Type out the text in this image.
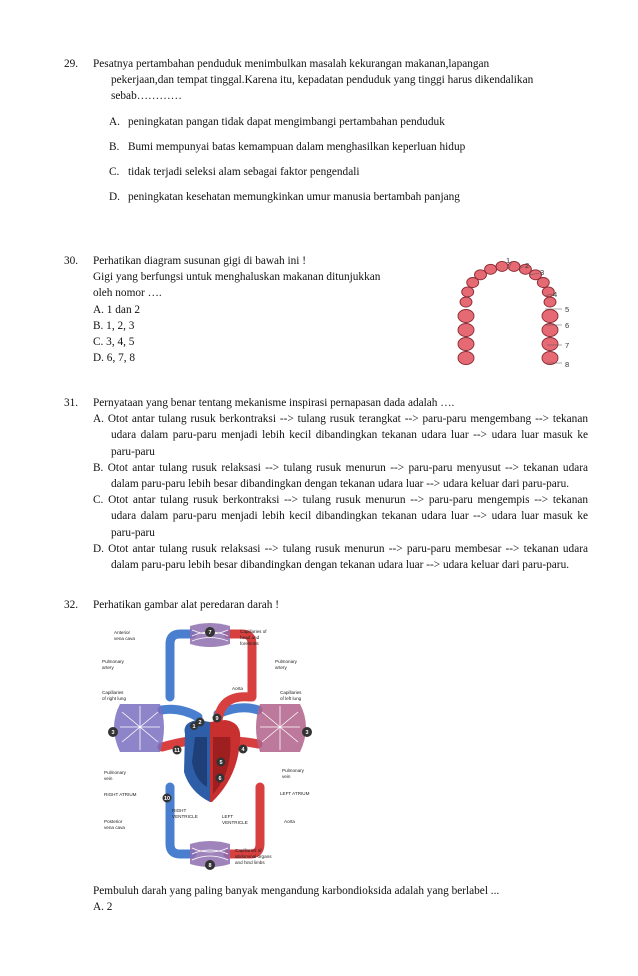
29. Pesatnya pertambahan penduduk menimbulkan masalah kekurangan makanan,lapangan
pekerjaan,dan tempat tinggal.Karena itu, kepadatan penduduk yang tinggi harus dikendalikan
sebab…………
A. peningkatan pangan tidak dapat mengimbangi pertambahan penduduk
B. Bumi mempunyai batas kemampuan dalam menghasilkan keperluan hidup
C. tidak terjadi seleksi alam sebagai faktor pengendali
D. peningkatan kesehatan memungkinkan umur manusia bertambah panjang
30. Perhatikan diagram susunan gigi di bawah ini !
Gigi yang berfungsi untuk menghaluskan makanan ditunjukkan
oleh nomor ….
A. 1 dan 2
B. 1, 2, 3
C. 3, 4, 5
D. 6, 7, 8
1
2
3
4
5
6
7
8
31. Pernyataan yang benar tentang mekanisme inspirasi pernapasan dada adalah ….
A. Otot antar tulang rusuk berkontraksi --> tulang rusuk terangkat --> paru-paru mengembang --> tekanan udara dalam paru-paru menjadi lebih kecil dibandingkan tekanan udara luar --> udara luar masuk ke paru-paru
B. Otot antar tulang rusuk relaksasi --> tulang rusuk menurun --> paru-paru menyusut --> tekanan udara dalam paru-paru lebih besar dibandingkan dengan tekanan udara luar --> udara keluar dari paru-paru.
C. Otot antar tulang rusuk berkontraksi --> tulang rusuk menurun --> paru-paru mengempis --> tekanan udara dalam paru-paru menjadi lebih kecil dibandingkan tekanan udara luar --> udara luar masuk ke paru-paru
D. Otot antar tulang rusuk relaksasi --> tulang rusuk menurun --> paru-paru membesar --> tekanan udara dalam paru-paru lebih besar dibandingkan dengan tekanan udara luar --> udara keluar dari paru-paru.
32. Perhatikan gambar alat peredaran darah !
7
3	3
9
2
4
5
6
11
10
1
8
Anterior
vena cava
Pulmonary
artery
Capillaries
of right lung
Pulmonary
vein
RIGHT ATRIUM
Posterior
vena cava
RIGHT
VENTRICLE	LEFT
VENTRICLE
Capillaries of
head and
forelimbs
Pulmonary
artery
Aorta
Capillaries
of left lung
Pulmonary
vein
LEFT ATRIUM
Aorta
Capillaries of
abdominal organs
and hind limbs
Pembuluh darah yang paling banyak mengandung karbondioksida adalah yang berlabel ...
A. 2
